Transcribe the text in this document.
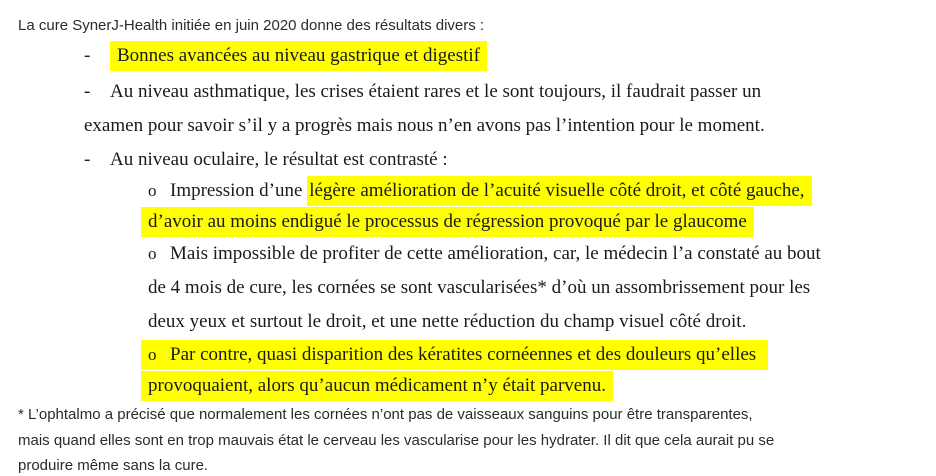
La cure SynerJ-Health initiée en juin 2020 donne des résultats divers :
- Bonnes avancées au niveau gastrique et digestif
- Au niveau asthmatique, les crises étaient rares et le sont toujours, il faudrait passer un
examen pour savoir s’il y a progrès mais nous n’en avons pas l’intention pour le moment.
- Au niveau oculaire, le résultat est contrasté :
o Impression d’une légère amélioration de l’acuité visuelle côté droit, et côté gauche,
d’avoir au moins endigué le processus de régression provoqué par le glaucome
o Mais impossible de profiter de cette amélioration, car, le médecin l’a constaté au bout
de 4 mois de cure, les cornées se sont vascularisées* d’où un assombrissement pour les
deux yeux et surtout le droit, et une nette réduction du champ visuel côté droit.
o Par contre, quasi disparition des kératites cornéennes et des douleurs qu’elles
provoquaient, alors qu’aucun médicament n’y était parvenu.
* L’ophtalmo a précisé que normalement les cornées n’ont pas de vaisseaux sanguins pour être transparentes,
mais quand elles sont en trop mauvais état le cerveau les vascularise pour les hydrater. Il dit que cela aurait pu se
produire même sans la cure.
